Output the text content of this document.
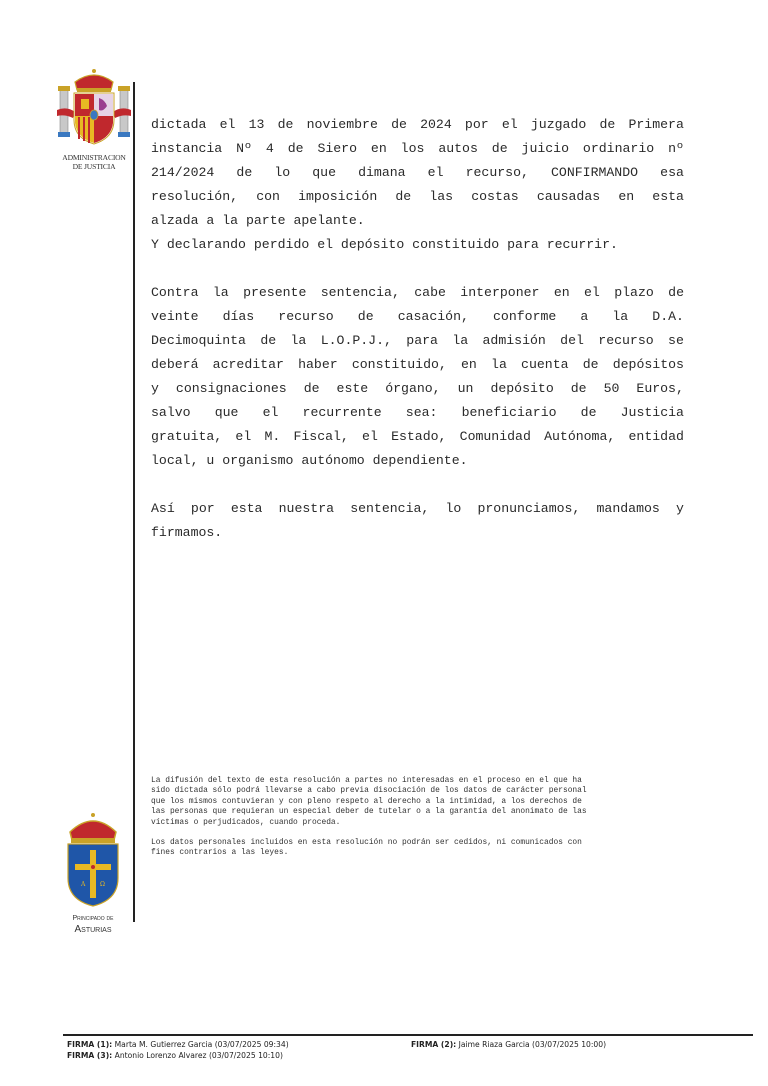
ADMINISTRACION
DE JUSTICIA
dictada el 13 de noviembre de 2024 por el juzgado de Primera
instancia Nº 4 de Siero en los autos de juicio ordinario nº
214/2024 de lo que dimana el recurso, CONFIRMANDO esa
resolución, con imposición de las costas causadas en esta
alzada a la parte apelante.
Y declarando perdido el depósito constituido para recurrir.
Contra la presente sentencia, cabe interponer en el plazo de
veinte días recurso de casación, conforme a la D.A.
Decimoquinta de la L.O.P.J., para la admisión del recurso se
deberá acreditar haber constituido, en la cuenta de depósitos
y consignaciones de este órgano, un depósito de 50 Euros,
salvo que el recurrente sea: beneficiario de Justicia
gratuita, el M. Fiscal, el Estado, Comunidad Autónoma, entidad
local, u organismo autónomo dependiente.
Así por esta nuestra sentencia, lo pronunciamos, mandamos y
firmamos.

La difusión del texto de esta resolución a partes no interesadas en el proceso en el que ha
sido dictada sólo podrá llevarse a cabo previa disociación de los datos de carácter personal
que los mismos contuvieran y con pleno respeto al derecho a la intimidad, a los derechos de
las personas que requieran un especial deber de tutelar o a la garantía del anonimato de las
víctimas o perjudicados, cuando proceda.

Los datos personales incluidos en esta resolución no podrán ser cedidos, ni comunicados con
fines contrarios a las leyes.

A Ω
Principado de
Asturias
FIRMA (1): Marta M. Gutierrez Garcia (03/07/2025 09:34)	FIRMA (2): Jaime Riaza Garcia (03/07/2025 10:00)
FIRMA (3): Antonio Lorenzo Alvarez (03/07/2025 10:10)
